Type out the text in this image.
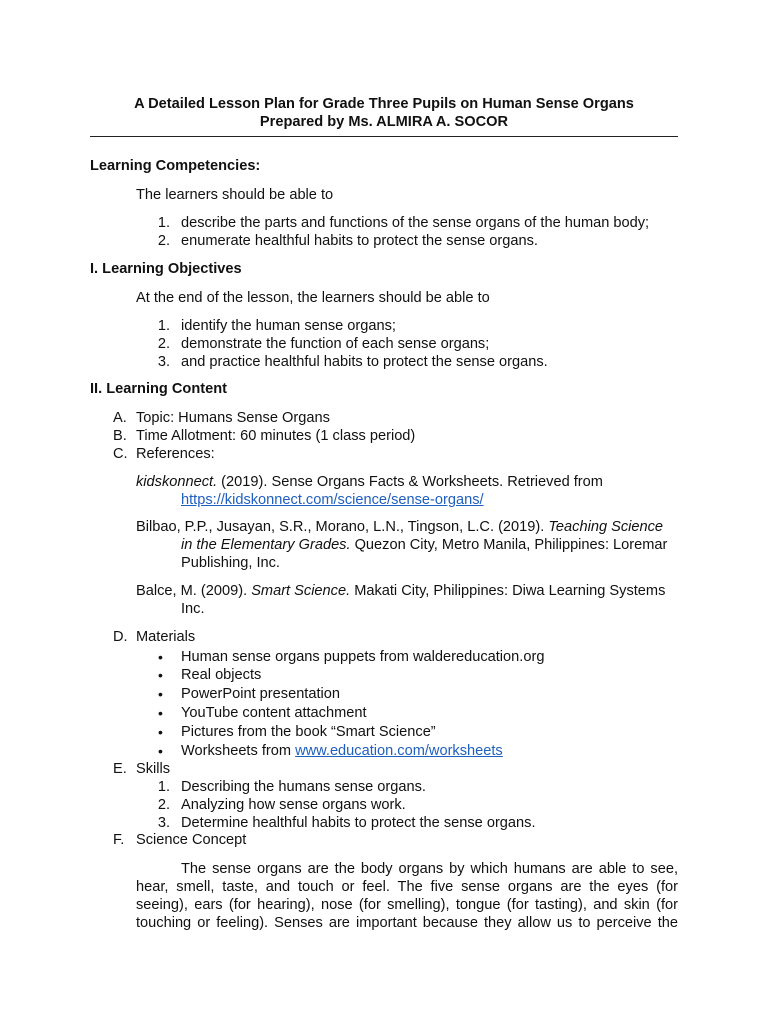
A Detailed Lesson Plan for Grade Three Pupils on Human Sense Organs
Prepared by Ms. ALMIRA A. SOCOR
Learning Competencies:
The learners should be able to
1. describe the parts and functions of the sense organs of the human body;
2. enumerate healthful habits to protect the sense organs.
I. Learning Objectives
At the end of the lesson, the learners should be able to
1. identify the human sense organs;
2. demonstrate the function of each sense organs;
3. and practice healthful habits to protect the sense organs.
II. Learning Content
A. Topic: Humans Sense Organs
B. Time Allotment: 60 minutes (1 class period)
C. References:
kidskonnect. (2019). Sense Organs Facts & Worksheets. Retrieved from
https://kidskonnect.com/science/sense-organs/
Bilbao, P.P., Jusayan, S.R., Morano, L.N., Tingson, L.C. (2019). Teaching Science
in the Elementary Grades. Quezon City, Metro Manila, Philippines: Loremar
Publishing, Inc.
Balce, M. (2009). Smart Science. Makati City, Philippines: Diwa Learning Systems
Inc.
D. Materials
• Human sense organs puppets from waldereducation.org
• Real objects
• PowerPoint presentation
• YouTube content attachment
• Pictures from the book “Smart Science”
• Worksheets from www.education.com/worksheets
E. Skills
1. Describing the humans sense organs.
2. Analyzing how sense organs work.
3. Determine healthful habits to protect the sense organs.
F. Science Concept
The sense organs are the body organs by which humans are able to see,
hear, smell, taste, and touch or feel. The five sense organs are the eyes (for
seeing), ears (for hearing), nose (for smelling), tongue (for tasting), and skin (for
touching or feeling). Senses are important because they allow us to perceive the
